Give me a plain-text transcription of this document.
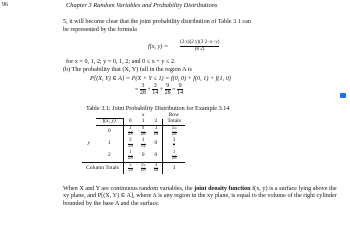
96	Chapter 3 Random Variables and Probability Distributions
5, it will become clear that the joint probability distribution of Table 3.1 can
be represented by the formula
f(x, $y) = \frac{(3 x)(2 y)(3 2-x-y)}{(8 2)}$
for x = 0, 1, 2; y = 0, 1, 2; and 0 ≤ x + y ≤ 2.
(b) The probability that (X, Y) fall in the region A is
P[(X, Y) ∈ A] = P(X + Y ≤ 1) = f(0, 0) + f(0, 1) + f(1, 0)
= $\frac{3}{28} + \frac{3}{14} + \frac{9}{28} = \frac{9}{14}$
Table 3.1: Joint Probability Distribution for Example 3.14
		x			Row
	f(x, y)	0	1	2	Totals
	0	$\frac{3}{28}$	$\frac{9}{28}$	$\frac{3}{28}$	$\frac{15}{28}$

y	1	$\frac{3}{14}$	$\frac{3}{14}$	0	$\frac{3}{7}$

	2	$\frac{1}{28}$	0	0	$\frac{1}{28}$

Column Totals		$\frac{5}{14}$	$\frac{15}{28}$	$\frac{3}{28}$	1
When X and Y are continuous random variables, the joint density function f(x, y) is a surface lying above the xy plane, and P[(X, Y) ∈ A], where A is any region in the xy plane, is equal to the volume of the right cylinder bounded by the base A and the surface.
